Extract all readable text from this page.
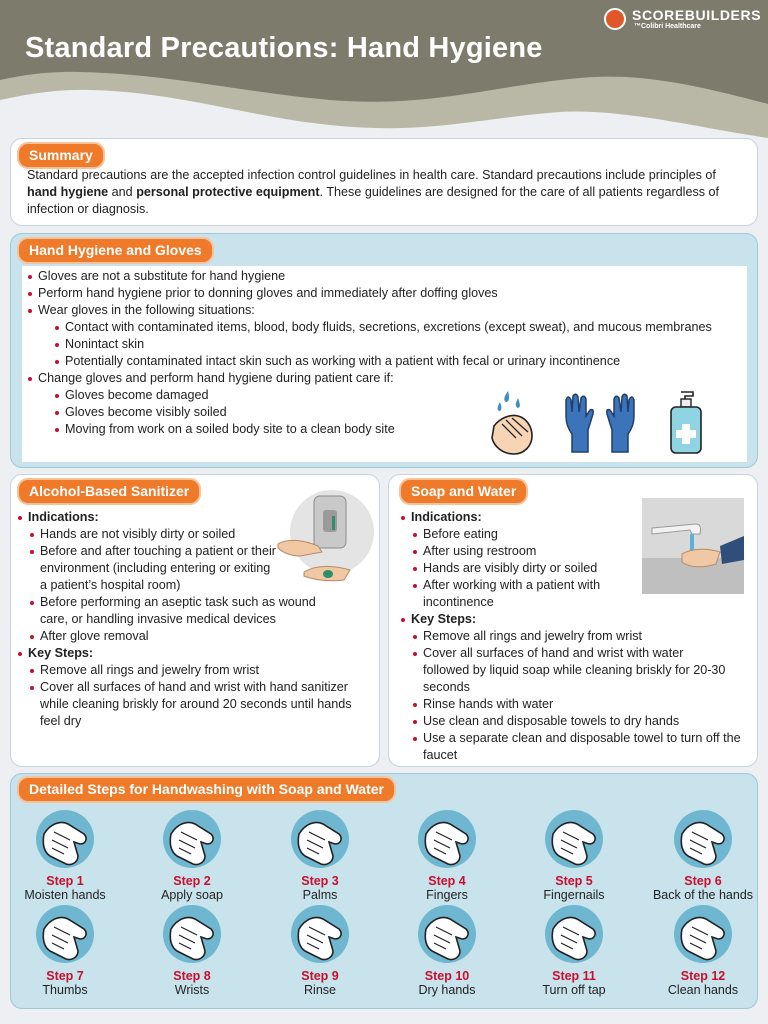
Standard Precautions: Hand Hygiene
SCOREBUILDERS
™Colibri Healthcare
Summary
Standard precautions are the accepted infection control guidelines in health care. Standard precautions include principles of hand hygiene and personal protective equipment. These guidelines are designed for the care of all patients regardless of infection or diagnosis.
Hand Hygiene and Gloves
Gloves are not a substitute for hand hygiene
Perform hand hygiene prior to donning gloves and immediately after doffing gloves
Wear gloves in the following situations:
Contact with contaminated items, blood, body fluids, secretions, excretions (except sweat), and mucous membranes
Nonintact skin
Potentially contaminated intact skin such as working with a patient with fecal or urinary incontinence
Change gloves and perform hand hygiene during patient care if:
Gloves become damaged
Gloves become visibly soiled
Moving from work on a soiled body site to a clean body site
Alcohol-Based Sanitizer
Indications:
Hands are not visibly dirty or soiled
Before and after touching a patient or their environment (including entering or exiting a patient’s hospital room)
Before performing an aseptic task such as wound care, or handling invasive medical devices
After glove removal
Key Steps:
Remove all rings and jewelry from wrist
Cover all surfaces of hand and wrist with hand sanitizer while cleaning briskly for around 20 seconds until hands feel dry
Soap and Water
Indications:
Before eating
After using restroom
Hands are visibly dirty or soiled
After working with a patient with incontinence
Key Steps:
Remove all rings and jewelry from wrist
Cover all surfaces of hand and wrist with water followed by liquid soap while cleaning briskly for 20-30 seconds
Rinse hands with water
Use clean and disposable towels to dry hands
Use a separate clean and disposable towel to turn off the faucet
Detailed Steps for Handwashing with Soap and Water
Step 1
Moisten hands
Step 2
Apply soap
Step 3
Palms
Step 4
Fingers
Step 5
Fingernails
Step 6
Back of the hands
Step 7
Thumbs
Step 8
Wrists
Step 9
Rinse
Step 10
Dry hands
Step 11
Turn off tap
Step 12
Clean hands
